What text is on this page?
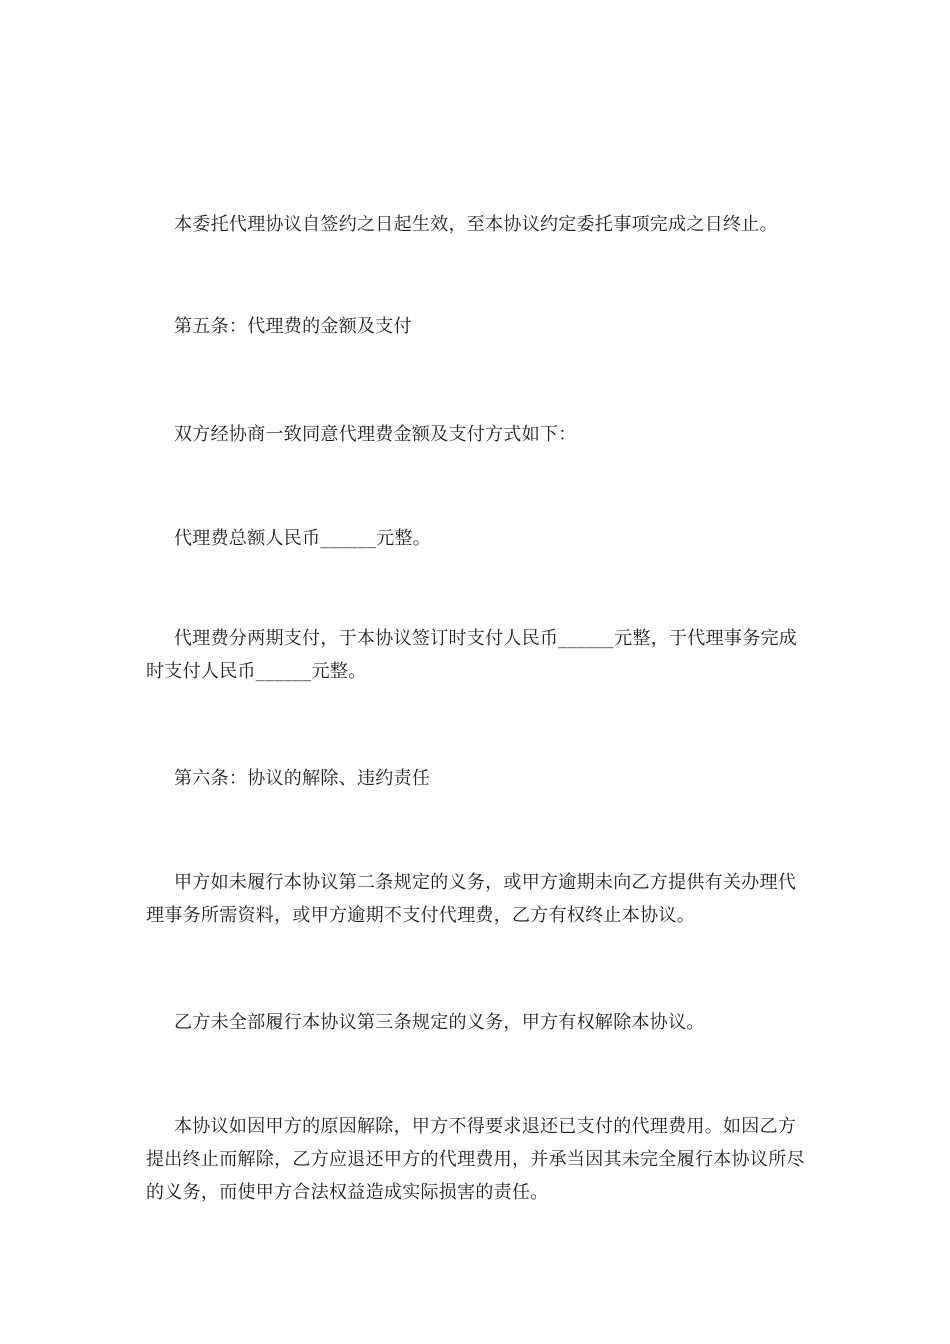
本委托代理协议自签约之日起生效，至本协议约定委托事项完成之日终止。

第五条：代理费的金额及支付

双方经协商一致同意代理费金额及支付方式如下：

代理费总额人民币______元整。

代理费分两期支付，于本协议签订时支付人民币______元整，于代理事务完成时支付人民币______元整。

第六条：协议的解除、违约责任

甲方如未履行本协议第二条规定的义务，或甲方逾期未向乙方提供有关办理代理事务所需资料，或甲方逾期不支付代理费，乙方有权终止本协议。

乙方未全部履行本协议第三条规定的义务，甲方有权解除本协议。

本协议如因甲方的原因解除，甲方不得要求退还已支付的代理费用。如因乙方提出终止而解除，乙方应退还甲方的代理费用，并承当因其未完全履行本协议所尽的义务，而使甲方合法权益造成实际损害的责任。
